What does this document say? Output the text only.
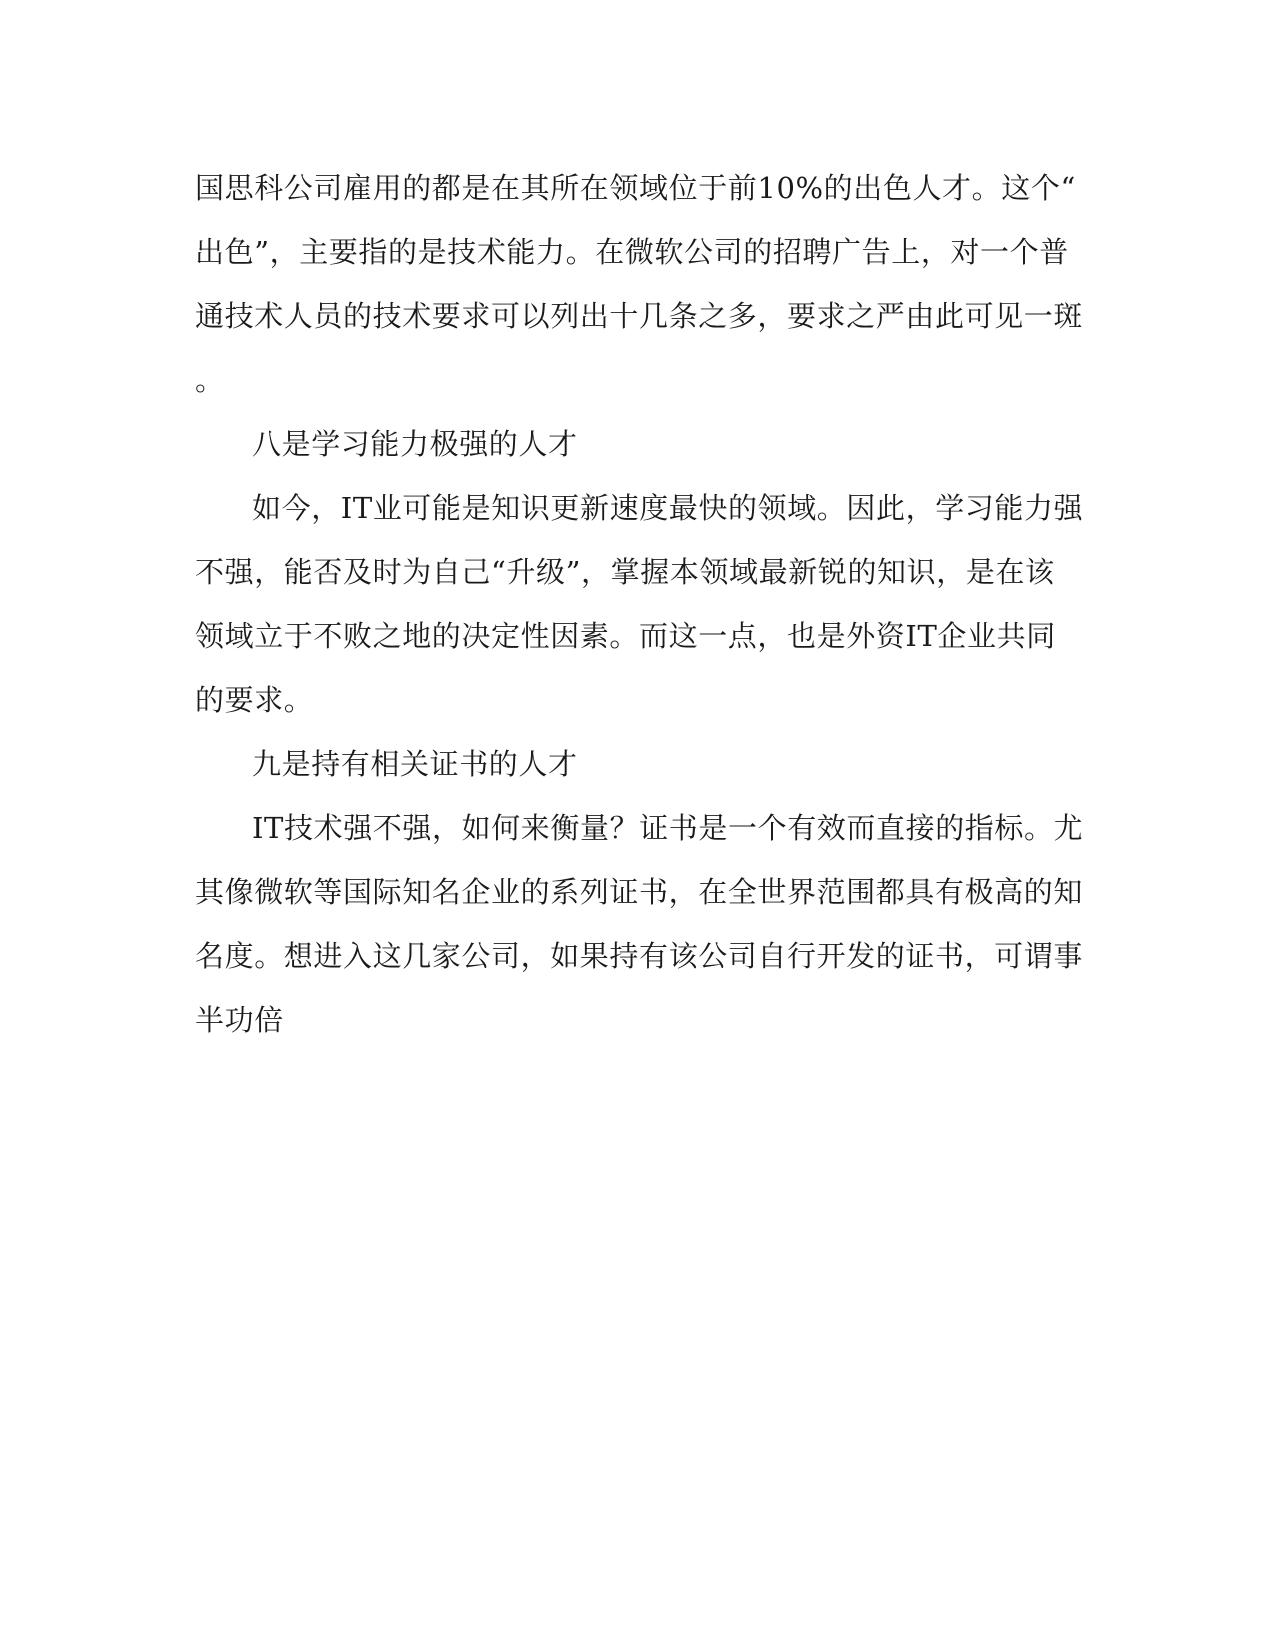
国思科公司雇用的都是在其所在领域位于前10%的出色人才。这个“
出色”，主要指的是技术能力。在微软公司的招聘广告上，对一个普
通技术人员的技术要求可以列出十几条之多，要求之严由此可见一斑
。
八是学习能力极强的人才
如今，IT业可能是知识更新速度最快的领域。因此，学习能力强
不强，能否及时为自己“升级”，掌握本领域最新锐的知识，是在该
领域立于不败之地的决定性因素。而这一点，也是外资IT企业共同
的要求。
九是持有相关证书的人才
IT技术强不强，如何来衡量？证书是一个有效而直接的指标。尤
其像微软等国际知名企业的系列证书，在全世界范围都具有极高的知
名度。想进入这几家公司，如果持有该公司自行开发的证书，可谓事
半功倍
